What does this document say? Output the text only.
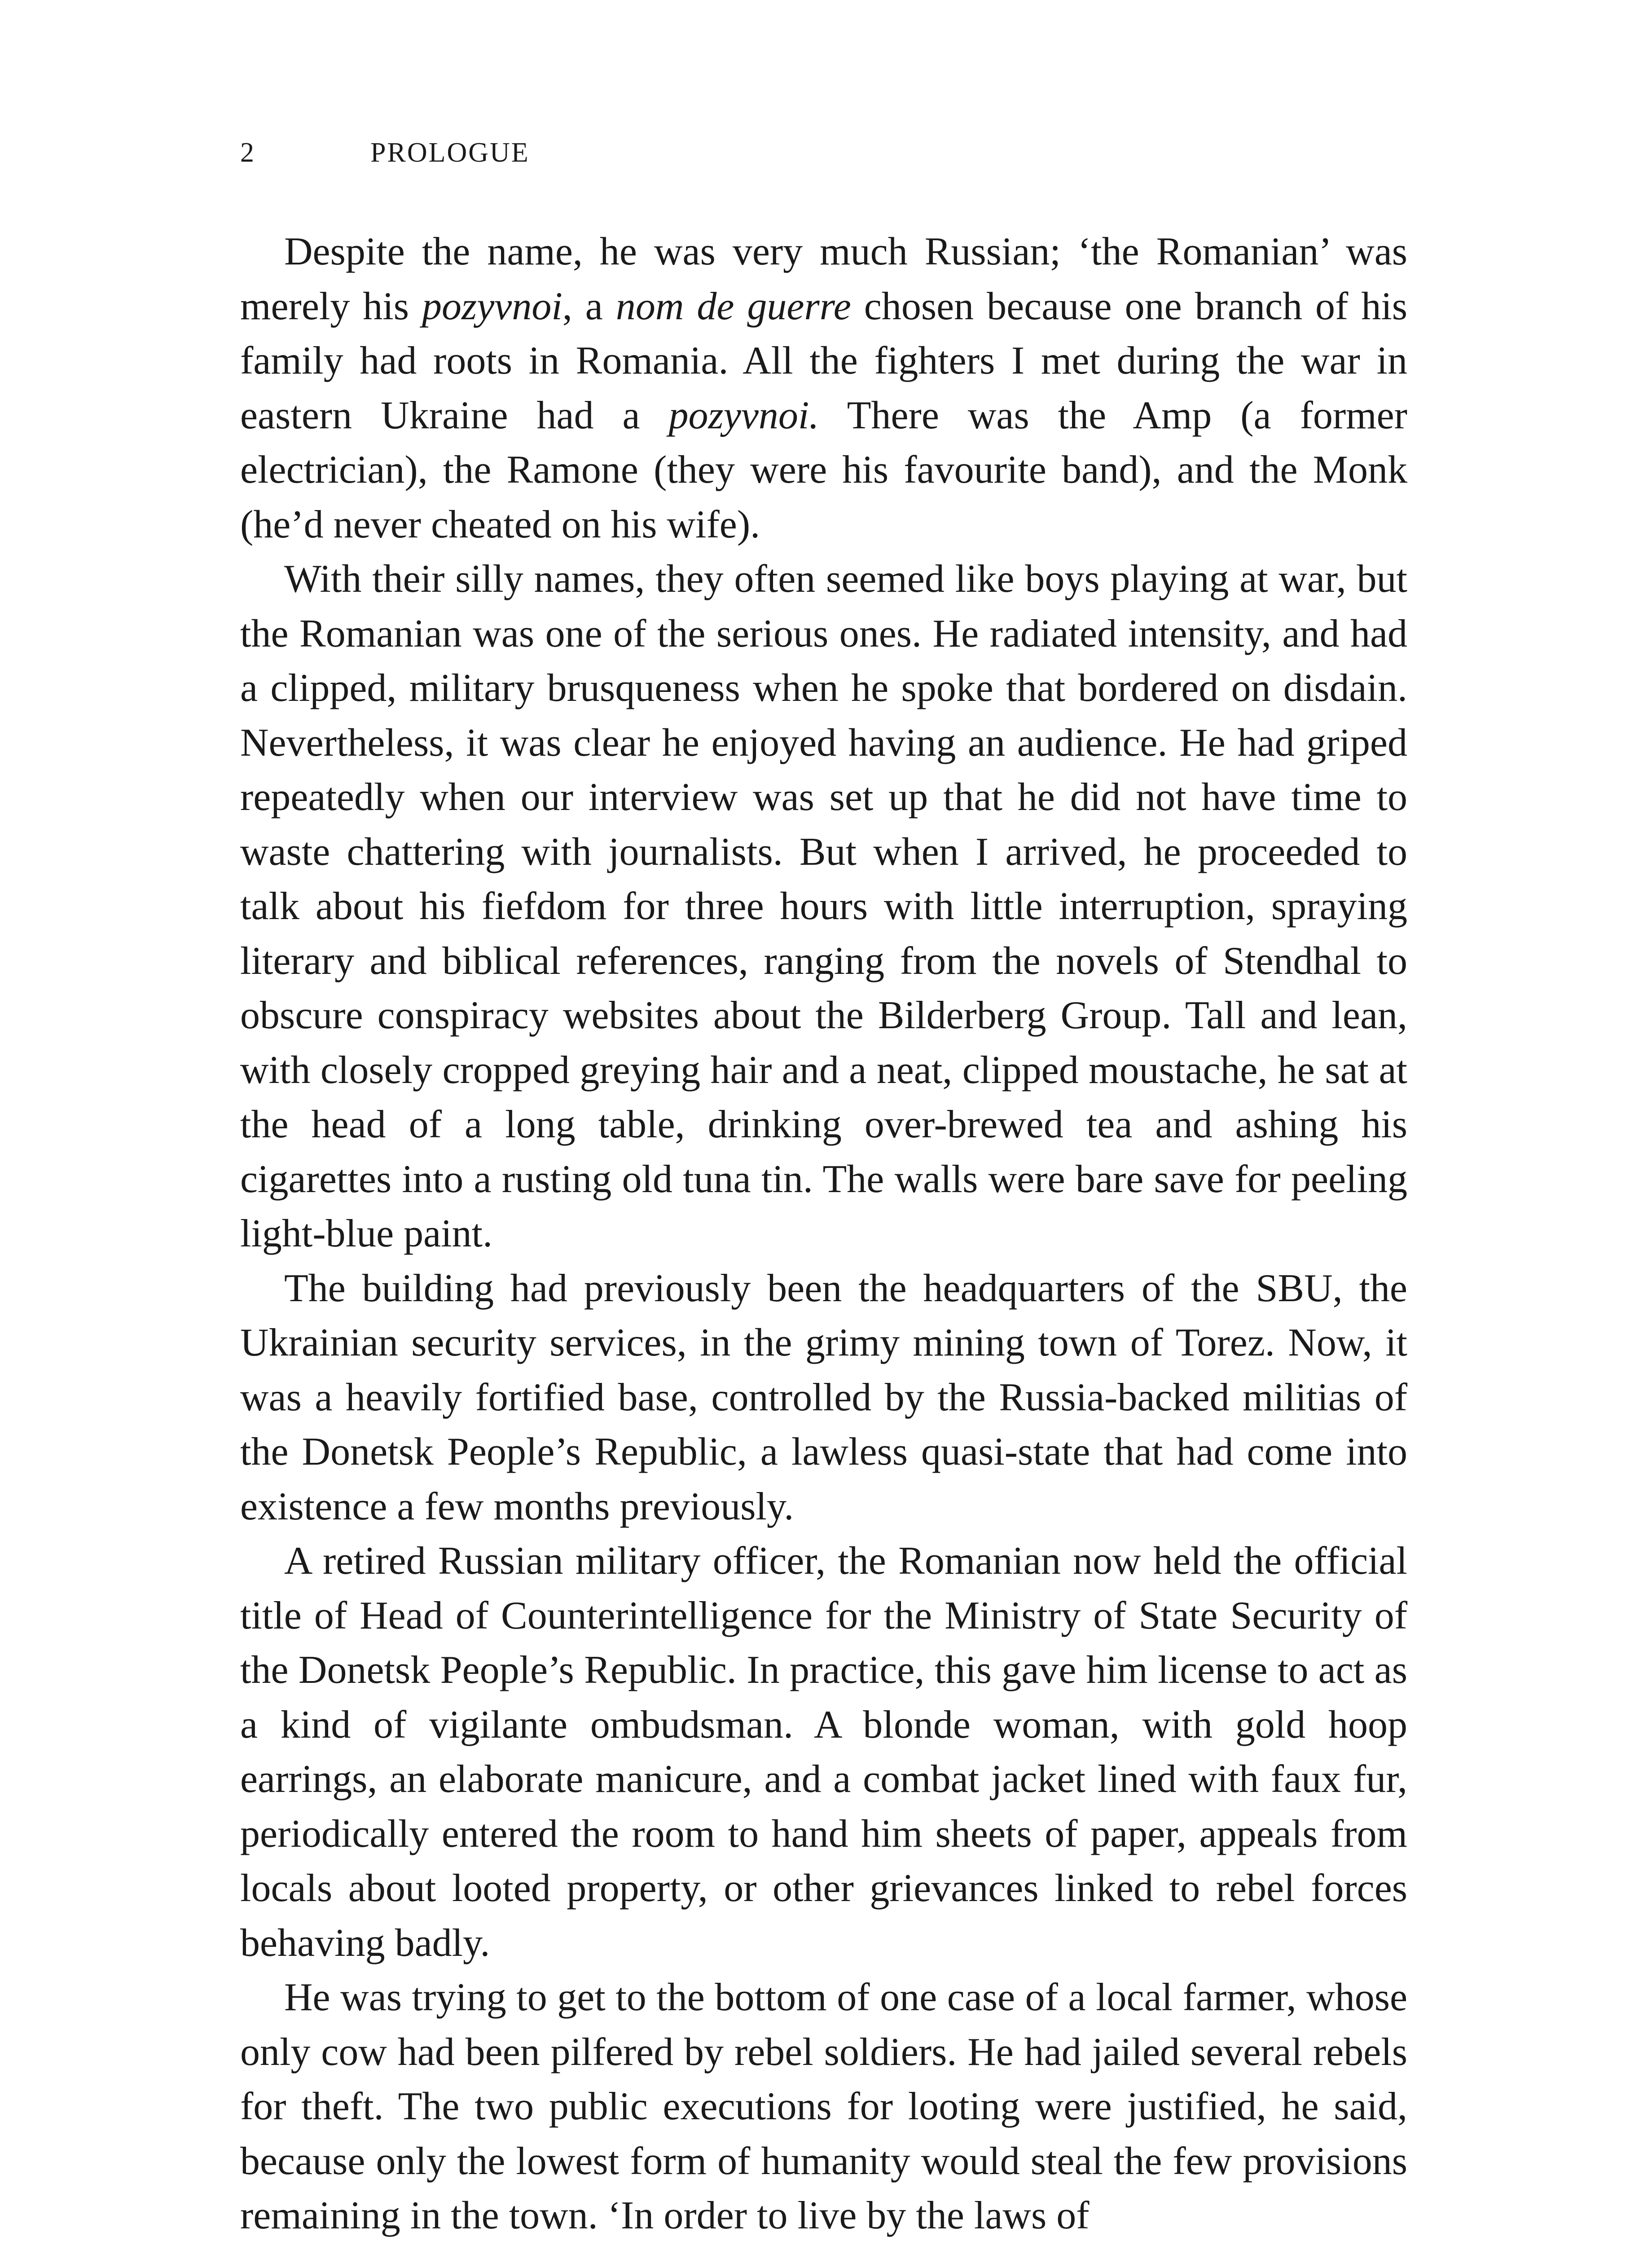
2	PROLOGUE

Despite the name, he was very much Russian; ‘the Romanian’ was merely his pozyvnoi, a nom de guerre chosen because one branch of his family had roots in Romania. All the fighters I met during the war in eastern Ukraine had a pozyvnoi. There was the Amp (a former electrician), the Ramone (they were his favourite band), and the Monk (he’d never cheated on his wife).

With their silly names, they often seemed like boys playing at war, but the Romanian was one of the serious ones. He radiated intensity, and had a clipped, military brusqueness when he spoke that bordered on disdain. Nevertheless, it was clear he enjoyed having an audience. He had griped repeatedly when our interview was set up that he did not have time to waste chattering with journalists. But when I arrived, he proceeded to talk about his fiefdom for three hours with little interruption, spraying literary and biblical references, ranging from the novels of Stendhal to obscure conspiracy websites about the Bilderberg Group. Tall and lean, with closely cropped greying hair and a neat, clipped moustache, he sat at the head of a long table, drinking over-brewed tea and ashing his cigarettes into a rusting old tuna tin. The walls were bare save for peeling light-blue paint.

The building had previously been the headquarters of the SBU, the Ukrainian security services, in the grimy mining town of Torez. Now, it was a heavily fortified base, controlled by the Russia-backed militias of the Donetsk People’s Republic, a lawless quasi-state that had come into existence a few months previously.

A retired Russian military officer, the Romanian now held the official title of Head of Counterintelligence for the Ministry of State Security of the Donetsk People’s Republic. In practice, this gave him license to act as a kind of vigilante ombudsman. A blonde woman, with gold hoop earrings, an elaborate manicure, and a combat jacket lined with faux fur, periodically entered the room to hand him sheets of paper, appeals from locals about looted property, or other grievances linked to rebel forces behaving badly.

He was trying to get to the bottom of one case of a local farmer, whose only cow had been pilfered by rebel soldiers. He had jailed several rebels for theft. The two public executions for looting were justified, he said, because only the lowest form of humanity would steal the few provisions remaining in the town. ‘In order to live by the laws of
